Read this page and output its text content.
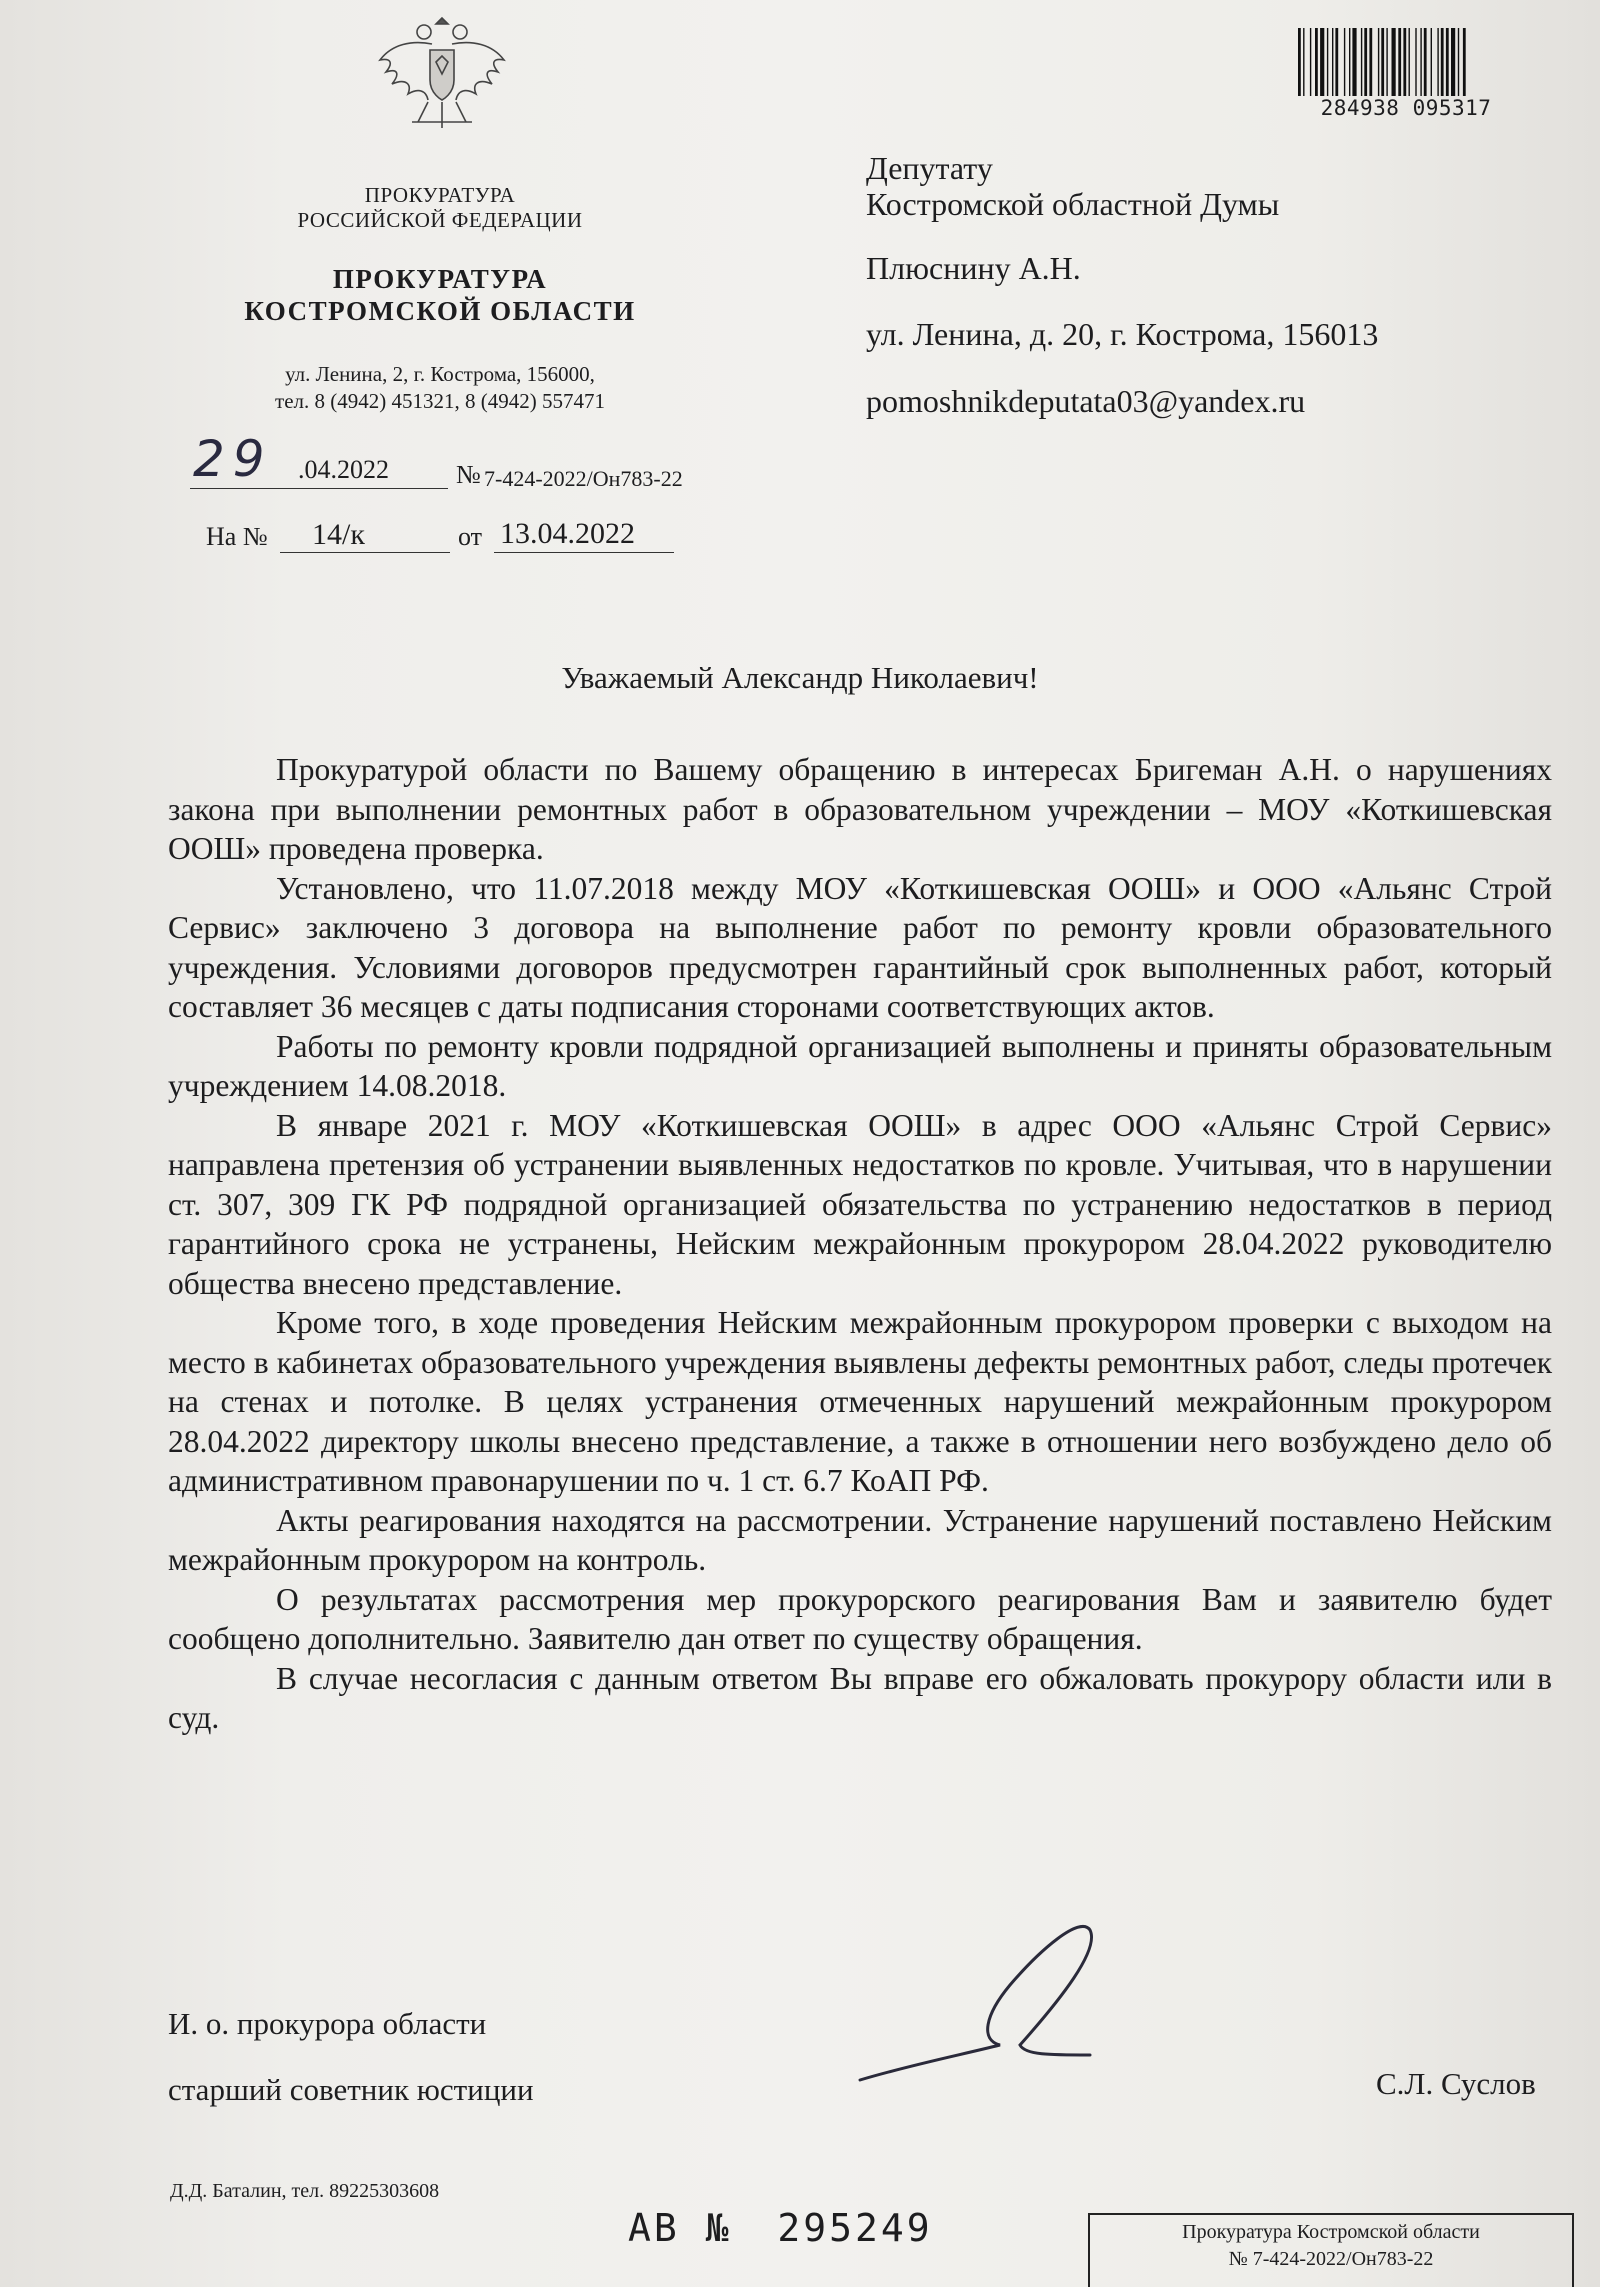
ПРОКУРАТУРА
РОССИЙСКОЙ ФЕДЕРАЦИИ
ПРОКУРАТУРА
КОСТРОМСКОЙ ОБЛАСТИ
ул. Ленина, 2, г. Кострома, 156000,
тел. 8 (4942) 451321, 8 (4942) 557471
29 .04.2022	№ 7-424-2022/Он783-22
На № 14/к	от 13.04.2022
284938 095317
Депутату
Костромской областной Думы
Плюснину А.Н.
ул. Ленина, д. 20, г. Кострома, 156013
pomoshnikdeputata03@yandex.ru
Уважаемый Александр Николаевич!

Прокуратурой области по Вашему обращению в интересах Бригеман А.Н. о нарушениях закона при выполнении ремонтных работ в образовательном учреждении – МОУ «Коткишевская ООШ» проведена проверка.

Установлено, что 11.07.2018 между МОУ «Коткишевская ООШ» и ООО «Альянс Строй Сервис» заключено 3 договора на выполнение работ по ремонту кровли образовательного учреждения. Условиями договоров предусмотрен гарантийный срок выполненных работ, который составляет 36 месяцев с даты подписания сторонами соответствующих актов.

Работы по ремонту кровли подрядной организацией выполнены и приняты образовательным учреждением 14.08.2018.

В январе 2021 г. МОУ «Коткишевская ООШ» в адрес ООО «Альянс Строй Сервис» направлена претензия об устранении выявленных недостатков по кровле. Учитывая, что в нарушении ст. 307, 309 ГК РФ подрядной организацией обязательства по устранению недостатков в период гарантийного срока не устранены, Нейским межрайонным прокурором 28.04.2022 руководителю общества внесено представление.

Кроме того, в ходе проведения Нейским межрайонным прокурором проверки с выходом на место в кабинетах образовательного учреждения выявлены дефекты ремонтных работ, следы протечек на стенах и потолке. В целях устранения отмеченных нарушений межрайонным прокурором 28.04.2022 директору школы внесено представление, а также в отношении него возбуждено дело об административном правонарушении по ч. 1 ст. 6.7 КоАП РФ.

Акты реагирования находятся на рассмотрении. Устранение нарушений поставлено Нейским межрайонным прокурором на контроль.

О результатах рассмотрения мер прокурорского реагирования Вам и заявителю будет сообщено дополнительно. Заявителю дан ответ по существу обращения.

В случае несогласия с данным ответом Вы вправе его обжаловать прокурору области или в суд.

И. о. прокурора области
старший советник юстиции	С.Л. Суслов
Д.Д. Баталин, тел. 89225303608
АВ № 295249	Прокуратура Костромской области
№ 7-424-2022/Он783-22
